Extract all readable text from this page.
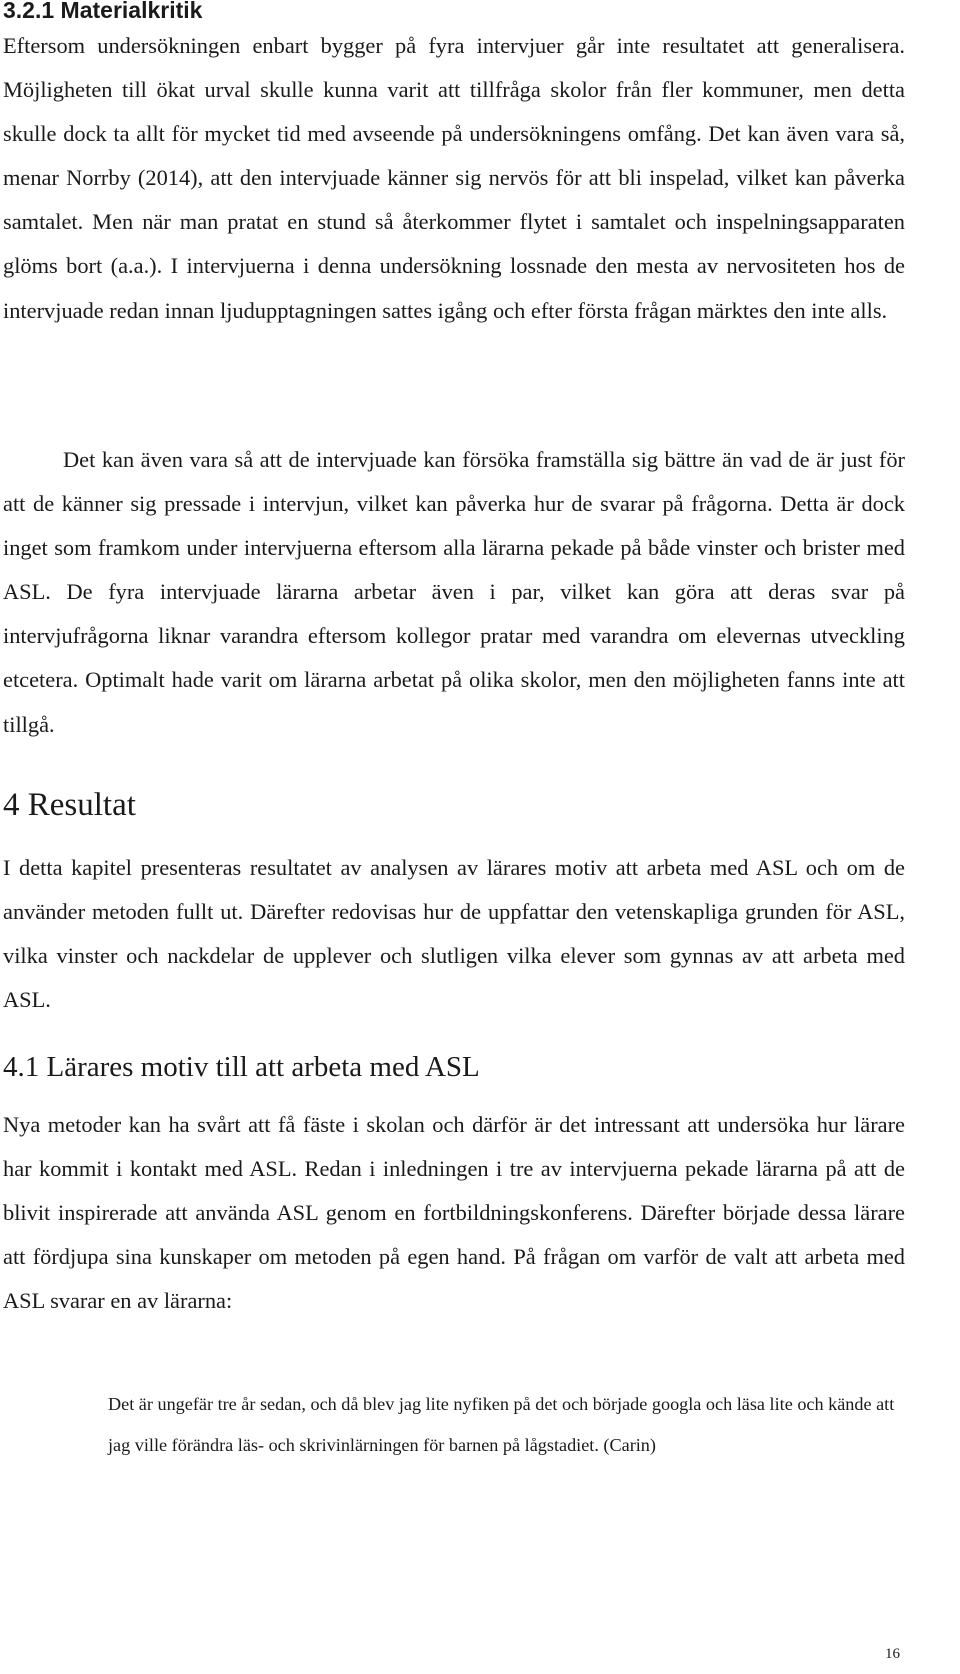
3.2.1 Materialkritik

Eftersom undersökningen enbart bygger på fyra intervjuer går inte resultatet att generalisera. Möjligheten till ökat urval skulle kunna varit att tillfråga skolor från fler kommuner, men detta skulle dock ta allt för mycket tid med avseende på undersökningens omfång. Det kan även vara så, menar Norrby (2014), att den intervjuade känner sig nervös för att bli inspelad, vilket kan påverka samtalet. Men när man pratat en stund så återkommer flytet i samtalet och inspelningsapparaten glöms bort (a.a.). I intervjuerna i denna undersökning lossnade den mesta av nervositeten hos de intervjuade redan innan ljudupptagningen sattes igång och efter första frågan märktes den inte alls.

Det kan även vara så att de intervjuade kan försöka framställa sig bättre än vad de är just för att de känner sig pressade i intervjun, vilket kan påverka hur de svarar på frågorna. Detta är dock inget som framkom under intervjuerna eftersom alla lärarna pekade på både vinster och brister med ASL. De fyra intervjuade lärarna arbetar även i par, vilket kan göra att deras svar på intervjufrågorna liknar varandra eftersom kollegor pratar med varandra om elevernas utveckling etcetera. Optimalt hade varit om lärarna arbetat på olika skolor, men den möjligheten fanns inte att tillgå.

4 Resultat

I detta kapitel presenteras resultatet av analysen av lärares motiv att arbeta med ASL och om de använder metoden fullt ut. Därefter redovisas hur de uppfattar den vetenskapliga grunden för ASL, vilka vinster och nackdelar de upplever och slutligen vilka elever som gynnas av att arbeta med ASL.

4.1 Lärares motiv till att arbeta med ASL

Nya metoder kan ha svårt att få fäste i skolan och därför är det intressant att undersöka hur lärare har kommit i kontakt med ASL. Redan i inledningen i tre av intervjuerna pekade lärarna på att de blivit inspirerade att använda ASL genom en fortbildningskonferens. Därefter började dessa lärare att fördjupa sina kunskaper om metoden på egen hand. På frågan om varför de valt att arbeta med ASL svarar en av lärarna:

Det är ungefär tre år sedan, och då blev jag lite nyfiken på det och började googla och läsa lite och kände att jag ville förändra läs- och skrivinlärningen för barnen på lågstadiet. (Carin)

16
